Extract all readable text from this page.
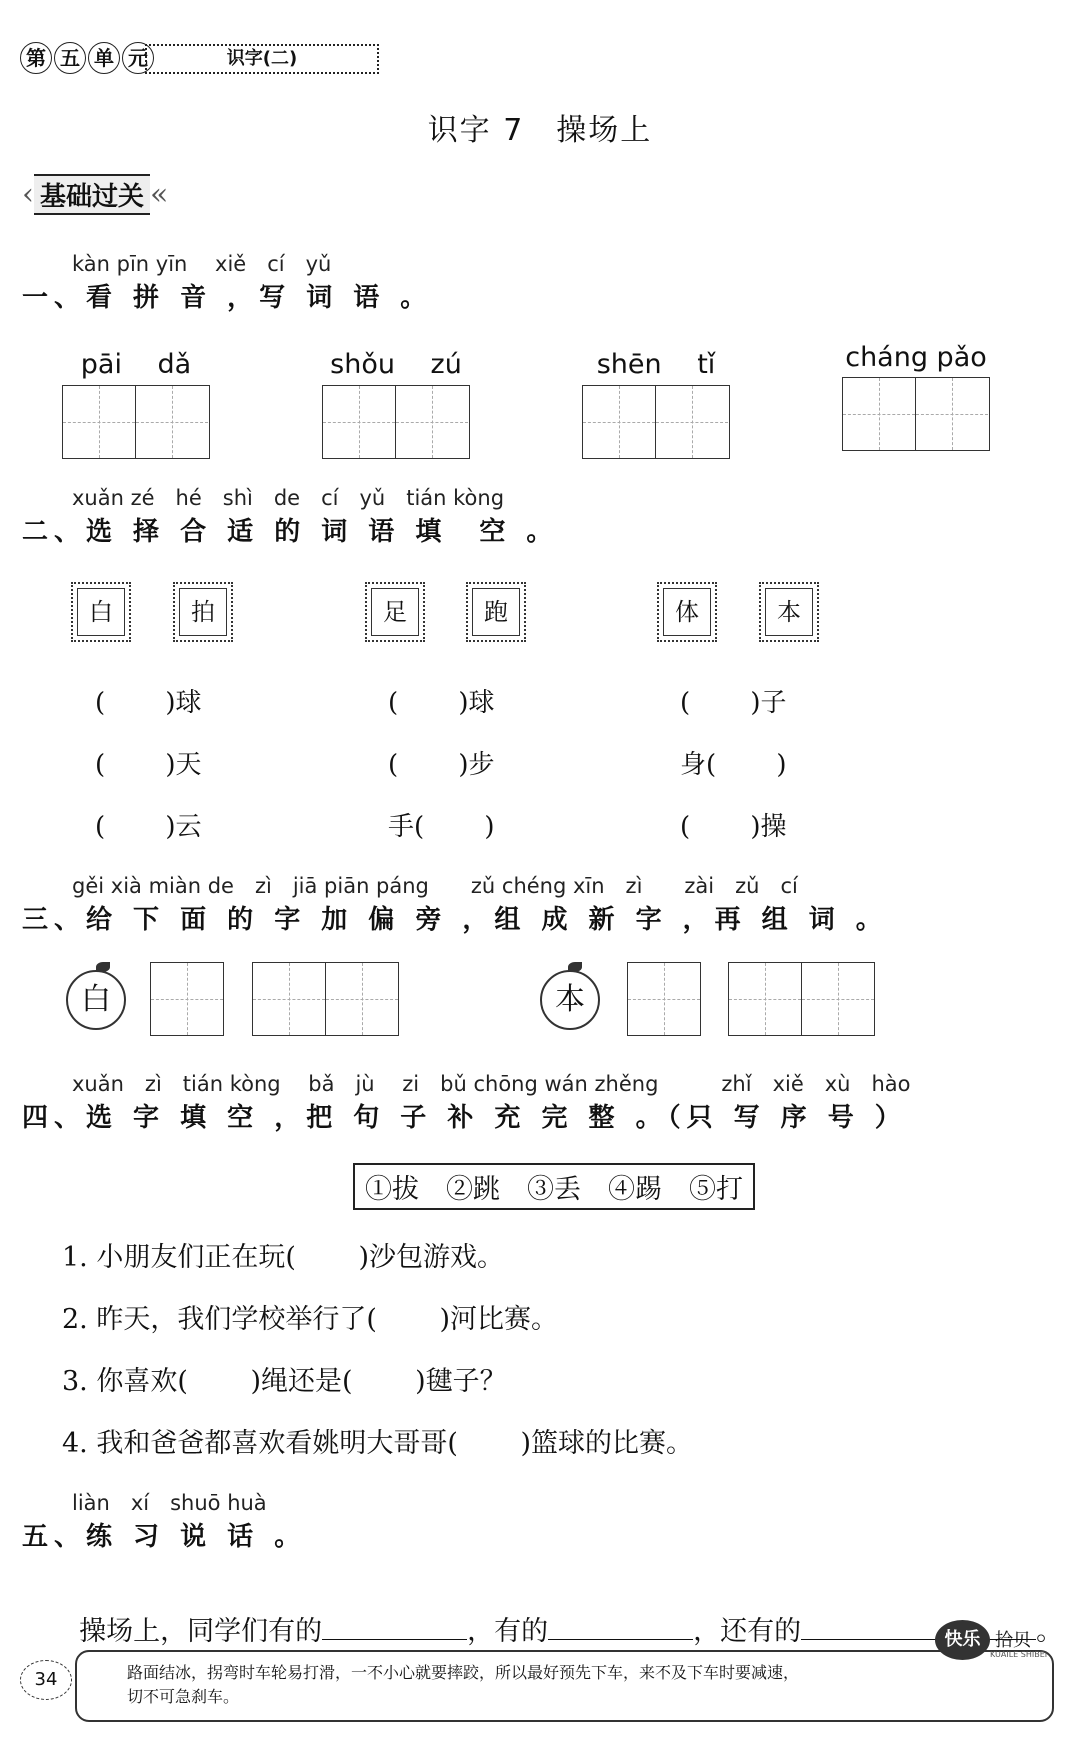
第 五 单 元	识字(二)
识字 7　操场上
‹ 基础过关 «
kàn pīn yīn　 xiě　cí　yǔ
一、看 拼 音 ，写 词 语 。
pāi　 dǎ	shǒu　 zú	shēn　 tǐ	cháng pǎo
xuǎn zé　hé　shì　de　cí　yǔ　tián kòng
二、选 择 合 适 的 词 语 填　空 。
白	拍	足	跑	体	本
(　　 )球
(　　 )天
(　　 )云
(　　 )球
(　　 )步
手(　　 )
(　　 )子
身(　　 )
(　　 )操
gěi xià miàn de　zì　jiā piān páng　　zǔ chéng xīn　zì　　zài　zǔ　cí
三、给 下 面 的 字 加 偏 旁 ，组 成 新 字 ，再 组 词 。
白	本
xuǎn　zì　tián kòng　 bǎ　jù　 zi　bǔ chōng wán zhěng　　　zhǐ　xiě　xù　hào
四、选 字 填 空 ，把 句 子 补 充 完 整 。（只 写 序 号 ）
①拔　②跳　③丢　④踢　⑤打
1. 小朋友们正在玩(　　 )沙包游戏。
2. 昨天，我们学校举行了(　　 )河比赛。
3. 你喜欢(　　 )绳还是(　　 )毽子？
4. 我和爸爸都喜欢看姚明大哥哥(　　 )篮球的比赛。
liàn　xí　shuō huà
五、练 习 说 话 。

操场上，同学们有的	，有的	，还有的	。

34	路面结冰，拐弯时车轮易打滑，一不小心就要摔跤，所以最好预先下车，来不及下车时要减速，
切不可急刹车。
快乐 拾贝
KUAILE SHIBEI
